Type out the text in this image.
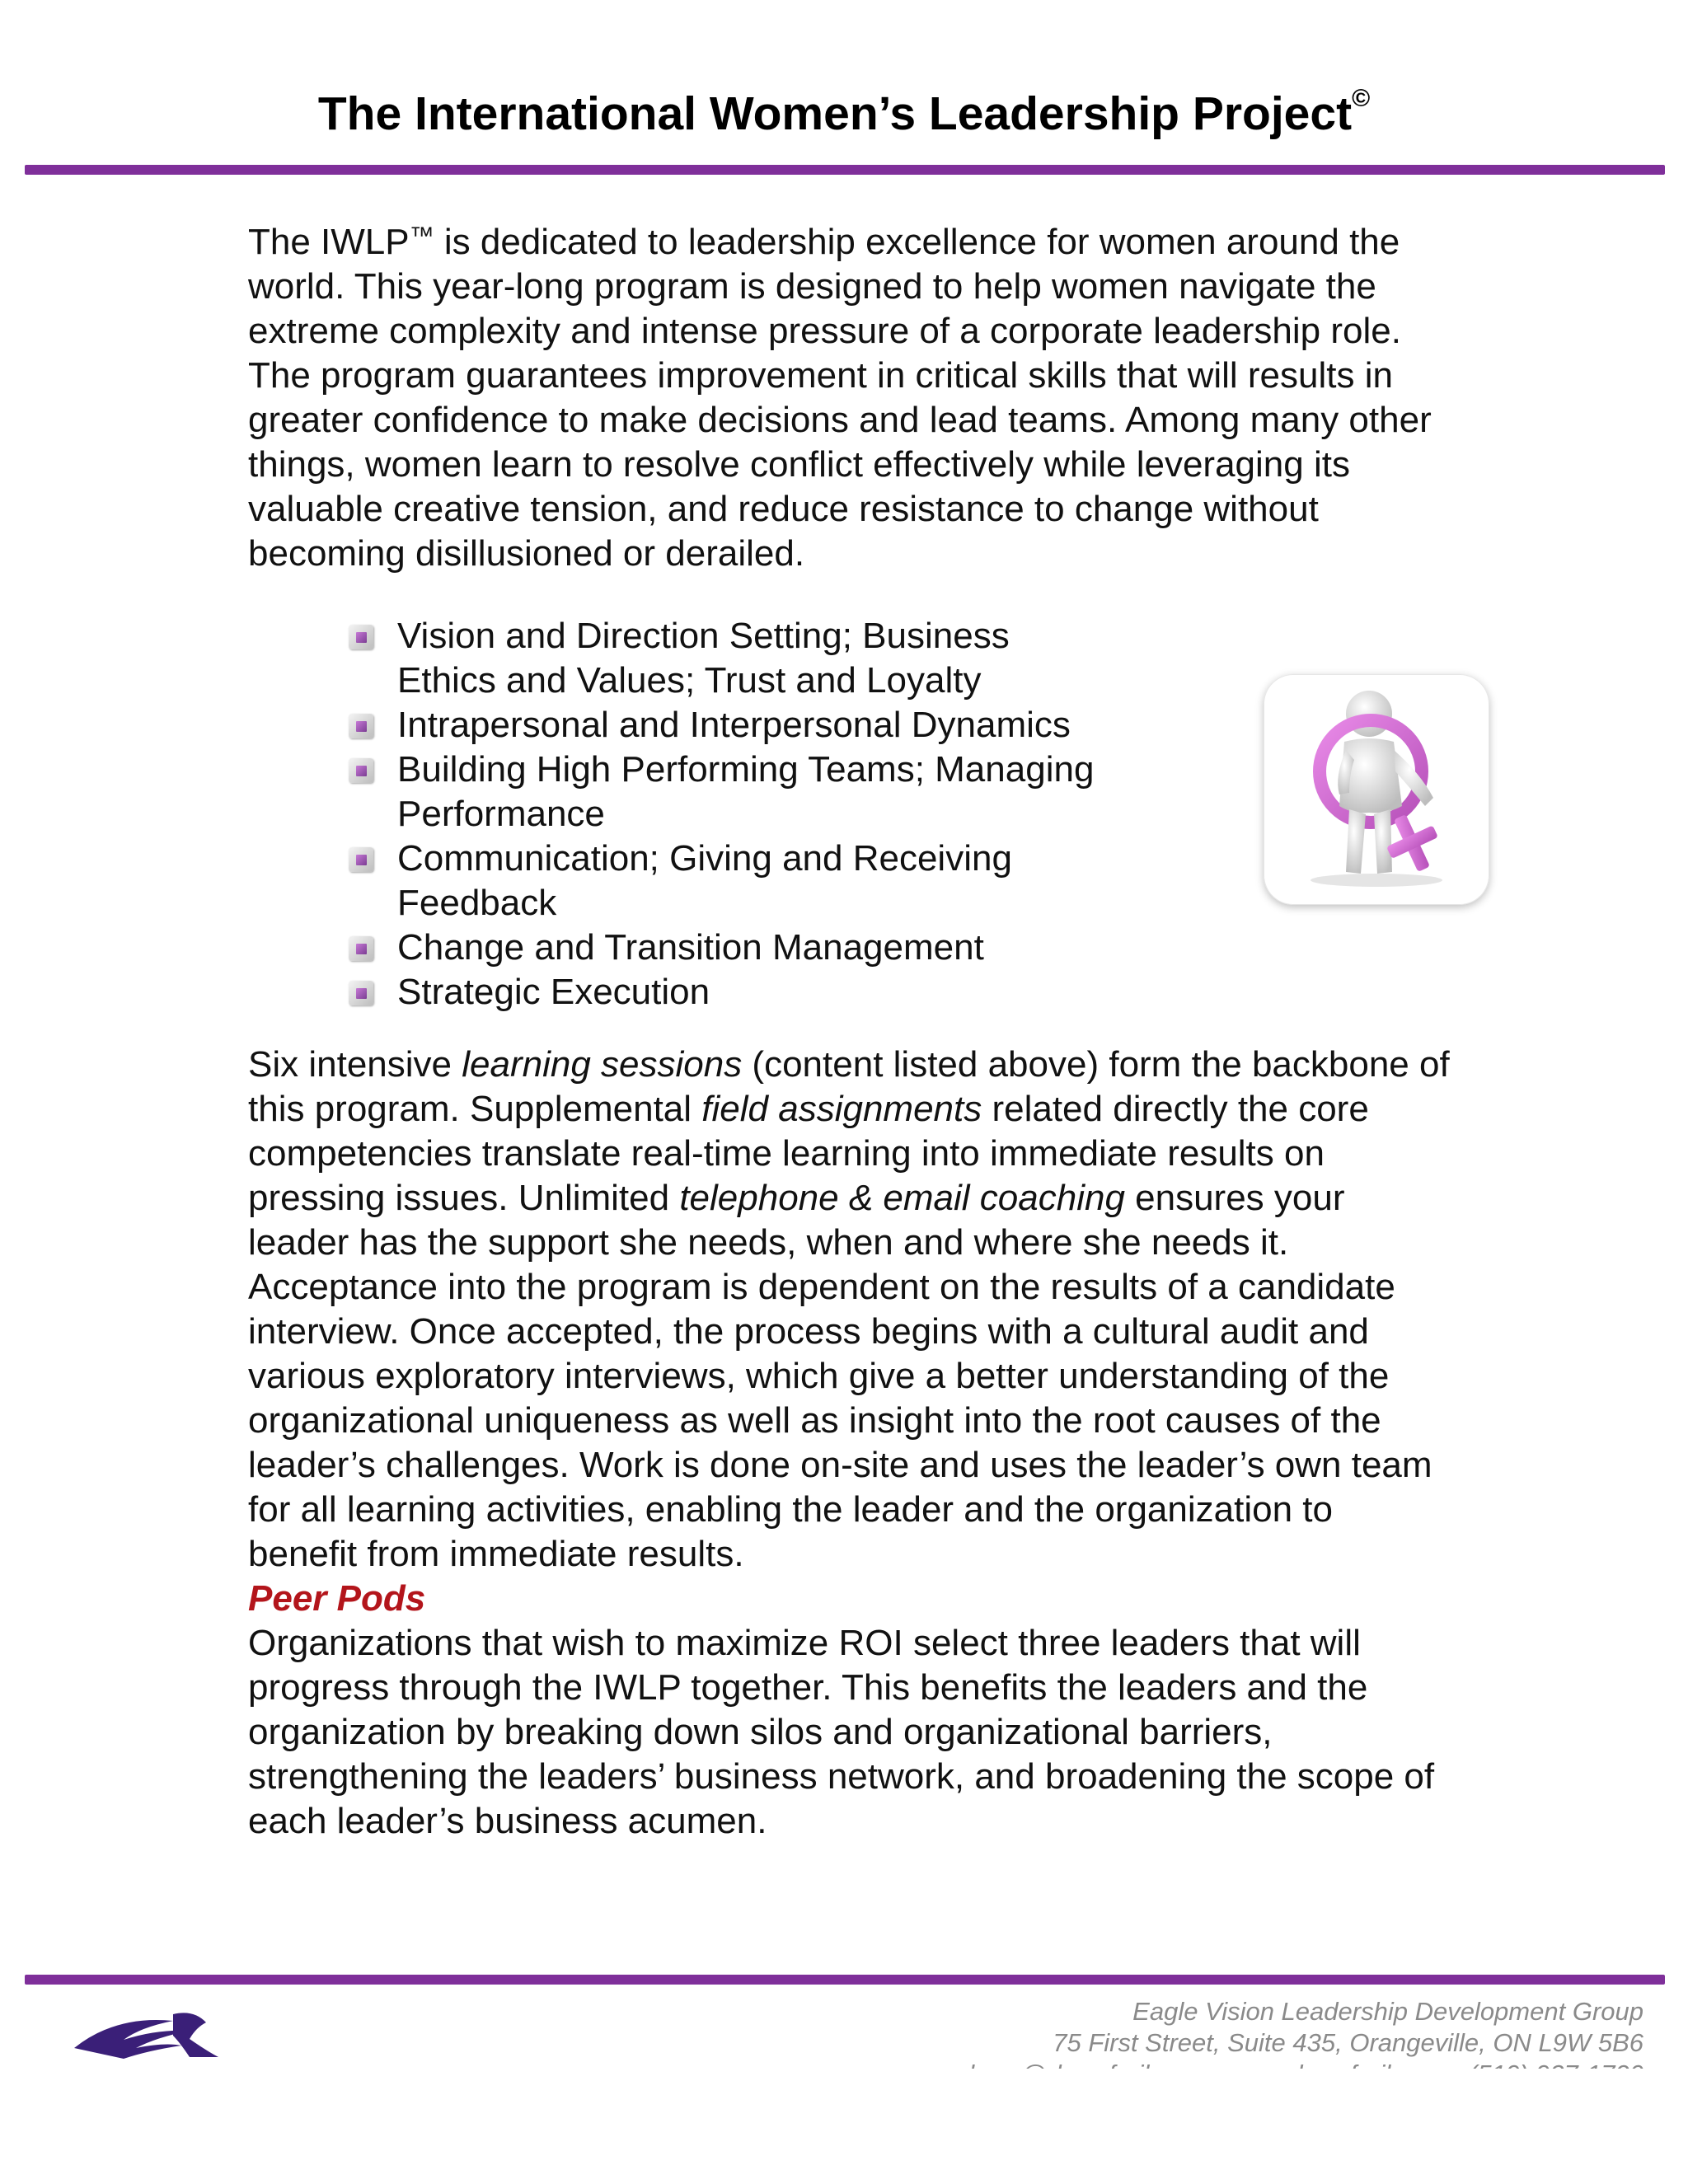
The International Women’s Leadership Project©

The IWLP™ is dedicated to leadership excellence for women around the world. This year-long program is designed to help women navigate the extreme complexity and intense pressure of a corporate leadership role. The program guarantees improvement in critical skills that will results in greater confidence to make decisions and lead teams. Among many other things, women learn to resolve conflict effectively while leveraging its valuable creative tension, and reduce resistance to change without becoming disillusioned or derailed.

Vision and Direction Setting; Business Ethics and Values; Trust and Loyalty
Intrapersonal and Interpersonal Dynamics
Building High Performing Teams; Managing Performance
Communication; Giving and Receiving Feedback
Change and Transition Management
Strategic Execution

Six intensive learning sessions (content listed above) form the backbone of this program. Supplemental field assignments related directly the core competencies translate real-time learning into immediate results on pressing issues. Unlimited telephone & email coaching ensures your leader has the support she needs, when and where she needs it.

Acceptance into the program is dependent on the results of a candidate interview. Once accepted, the process begins with a cultural audit and various exploratory interviews, which give a better understanding of the organizational uniqueness as well as insight into the root causes of the leader’s challenges. Work is done on-site and uses the leader’s own team for all learning activities, enabling the leader and the organization to benefit from immediate results.

Peer Pods

Organizations that wish to maximize ROI select three leaders that will progress through the IWLP together. This benefits the leaders and the organization by breaking down silos and organizational barriers, strengthening the leaders’ business network, and broadening the scope of each leader’s business acumen.

Eagle Vision Leadership Development Group
75 First Street, Suite 435, Orangeville, ON L9W 5B6
